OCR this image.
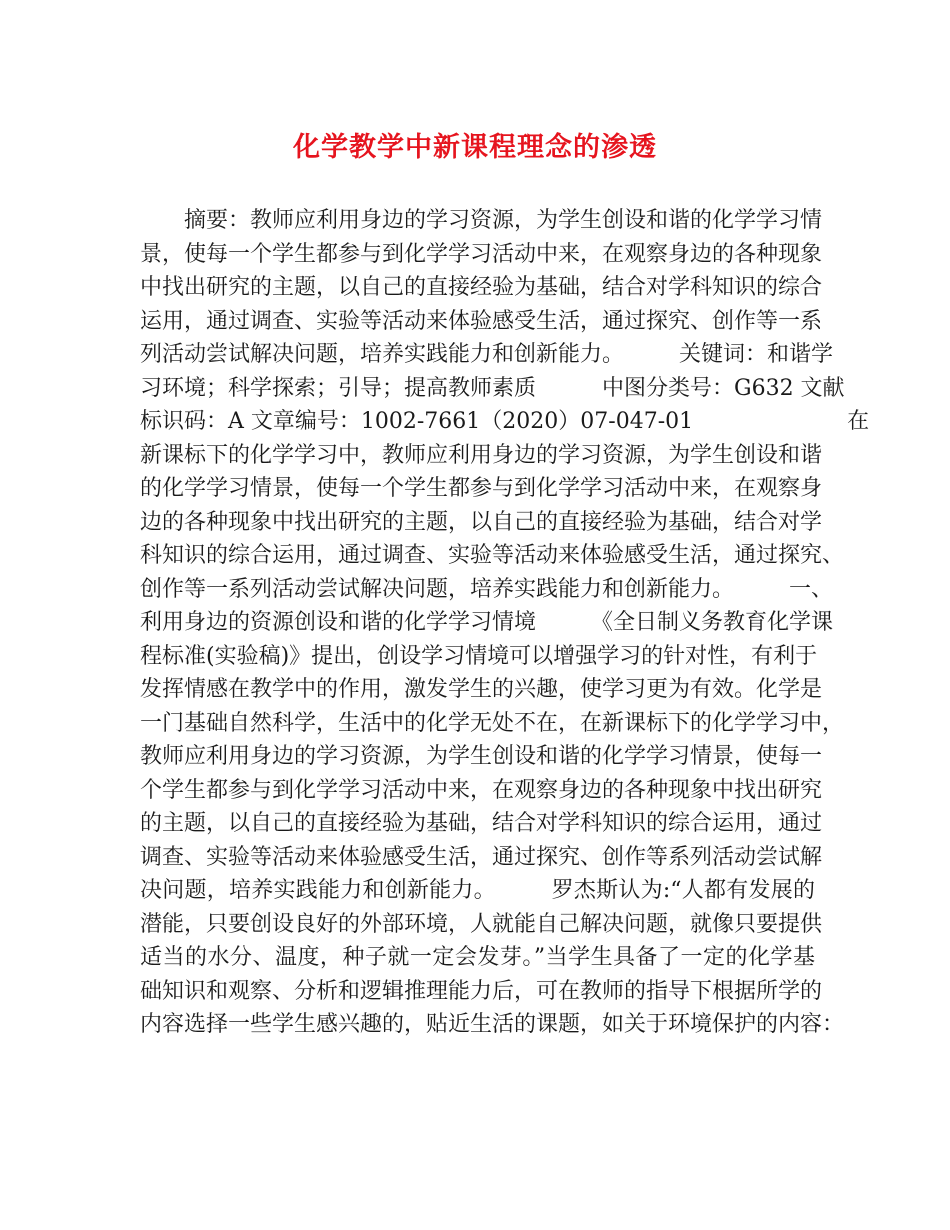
化学教学中新课程理念的渗透
　　摘要：教师应利用身边的学习资源，为学生创设和谐的化学学习情
景，使每一个学生都参与到化学学习活动中来，在观察身边的各种现象
中找出研究的主题，以自己的直接经验为基础，结合对学科知识的综合
运用，通过调查、实验等活动来体验感受生活，通过探究、创作等一系
列活动尝试解决问题，培养实践能力和创新能力。　　　关键词：和谐学
习环境；科学探索；引导；提高教师素质　　　中图分类号：G632 文献
标识码：A 文章编号：1002-7661（2020）07-047-01　　　　　　　在
新课标下的化学学习中，教师应利用身边的学习资源，为学生创设和谐
的化学学习情景，使每一个学生都参与到化学学习活动中来，在观察身
边的各种现象中找出研究的主题，以自己的直接经验为基础，结合对学
科知识的综合运用，通过调查、实验等活动来体验感受生活，通过探究、
创作等一系列活动尝试解决问题，培养实践能力和创新能力。　　　一、
利用身边的资源创设和谐的化学学习情境　　　《全日制义务教育化学课
程标准(实验稿)》提出，创设学习情境可以增强学习的针对性，有利于
发挥情感在教学中的作用，激发学生的兴趣，使学习更为有效。化学是
一门基础自然科学，生活中的化学无处不在，在新课标下的化学学习中，
教师应利用身边的学习资源，为学生创设和谐的化学学习情景，使每一
个学生都参与到化学学习活动中来，在观察身边的各种现象中找出研究
的主题，以自己的直接经验为基础，结合对学科知识的综合运用，通过
调查、实验等活动来体验感受生活，通过探究、创作等系列活动尝试解
决问题，培养实践能力和创新能力。　　　罗杰斯认为:“人都有发展的
潜能，只要创设良好的外部环境，人就能自己解决问题，就像只要提供
适当的水分、温度，种子就一定会发芽。”当学生具备了一定的化学基
础知识和观察、分析和逻辑推理能力后，可在教师的指导下根据所学的
内容选择一些学生感兴趣的，贴近生活的课题，如关于环境保护的内容：
